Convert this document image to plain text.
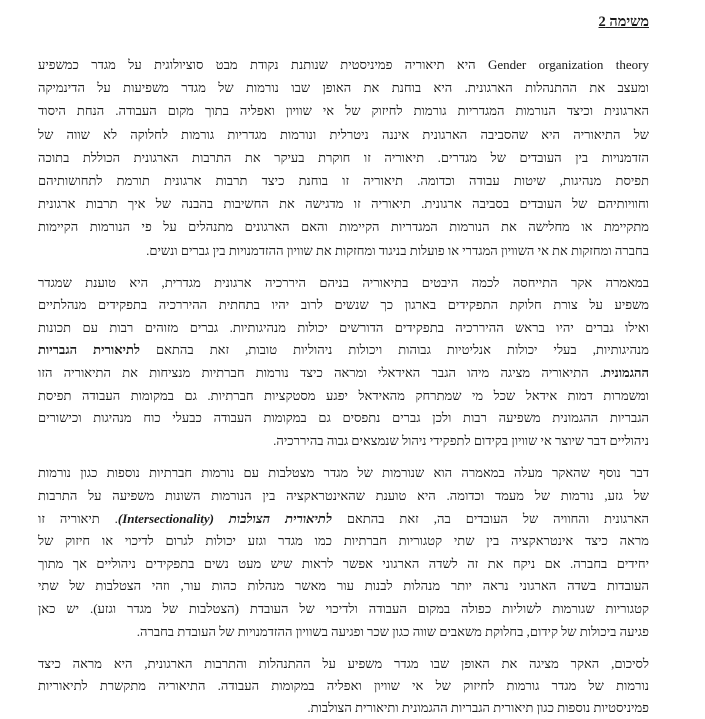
משימה 2
Gender organization theory היא תיאוריה פמיניסטית שנותנת נקודת מבט סוציולוגית על מגדר כמשפיע
ומעצב את ההתנהלות הארגונית. היא בוחנת את האופן שבו נורמות של מגדר משפיעות על הדינמיקה
הארגונית וכיצד הנורמות המגדריות גורמות לחיזוק של אי שוויון ואפליה בתוך מקום העבודה. הנחת היסוד
של התיאוריה היא שהסביבה הארגונית איננה ניטרלית ונורמות מגדריות גורמות לחלוקה לא שווה של
הזדמנויות בין העובדים של מגדרים. תיאוריה זו חוקרת בעיקר את התרבות הארגונית הכוללת בתוכה
תפיסת מנהיגות, שיטות עבודה וכדומה. תיאוריה זו בוחנת כיצד תרבות ארגונית תורמת לתחושותיהם
וחוויותיהם של העובדים בסביבה ארגונית. תיאוריה זו מדגישה את החשיבות בהבנה של איך תרבות ארגונית
מתקיימת או מחלישה את הנורמות המגדריות הקיימות והאם הארגונים מתנהלים על פי הנורמות הקיימות
בחברה ומחזקות את אי השוויון המגדרי או פועלות בניגוד ומחזקות את שוויון ההזדמנויות בין גברים ונשים.
במאמרה אקר התייחסה לכמה היבטים בתיאוריה בניהם היררכיה ארגונית מגדרית, היא טוענת שמגדר
משפיע על צורת חלוקת התפקידים בארגון כך שנשים לרוב יהיו בתחתית ההיררכיה בתפקידים מנהלתיים
ואילו גברים יהיו בראש ההיררכיה בתפקידים הדורשים יכולות מנהיגותיות. גברים מזוהים רבות עם תכונות
מנהיגותיות, בעלי יכולות אנליטיות גבוהות ויכולות ניהוליות טובות, זאת בהתאם לתיאורית הגבריות
ההגמונית. התיאוריה מציגה מיהו הגבר האידאלי ומראה כיצד נורמות חברתיות מנציחות את התיאוריה הזו
ומשמרות דמות אידאל שכל מי שמתרחק מהאידאל יפגע מסטקציות חברתיות. גם במקומות העבודה תפיסת
הגבריות ההגמונית משפיעה רבות ולכן גברים נתפסים גם במקומות העבודה כבעלי כוח מנהיגות וכישורים
ניהוליים דבר שיוצר אי שוויון בקידום לתפקידי ניהול שנמצאים גבוה בהיררכיה.
דבר נוסף שהאקר מעלה במאמרה הוא שנורמות של מגדר מצטלבות עם נורמות חברתיות נוספות כגון נורמות
של גזע, נורמות של מעמד וכדומה. היא טוענת שהאינטראקציה בין הנורמות השונות משפיעה על התרבות
הארגונית והחוויה של העובדים בה, זאת בהתאם לתיאורית הצולבות (Intersectionality). תיאוריה זו
מראה כיצד אינטראקציה בין שתי קטגוריות חברתיות כמו מגדר וגזע יכולות לגרום לדיכוי או חיזוק של
יחידים בחברה. אם ניקח את זה לשדה הארגוני אפשר לראות שיש מעט נשים בתפקידים ניהוליים אך מתוך
העובדות בשדה הארגוני נראה יותר מנהלות לבנות עור מאשר מנהלות כהות עור, וזהי הצטלבות של שתי
קטגוריות שגורמות לשוליות כפולה במקום העבודה ולדיכוי של העובדת (הצטלבות של מגדר וגזע). יש כאן
פגיעה ביכולות של קידום, בחלוקת משאבים שווה כגון שכר ופגיעה בשוויון ההזדמנויות של העובדת בחברה.
לסיכום, האקר מציגה את האופן שבו מגדר משפיע על ההתנהלות והתרבות הארגונית, היא מראה כיצד
נורמות של מגדר גורמות לחיזוק של אי שוויון ואפליה במקומות העבודה. התיאוריה מתקשרת לתיאוריות
פמיניסטיות נוספות כגון תיאורית הגבריות ההגמונית ותיאורית הצולבות.
